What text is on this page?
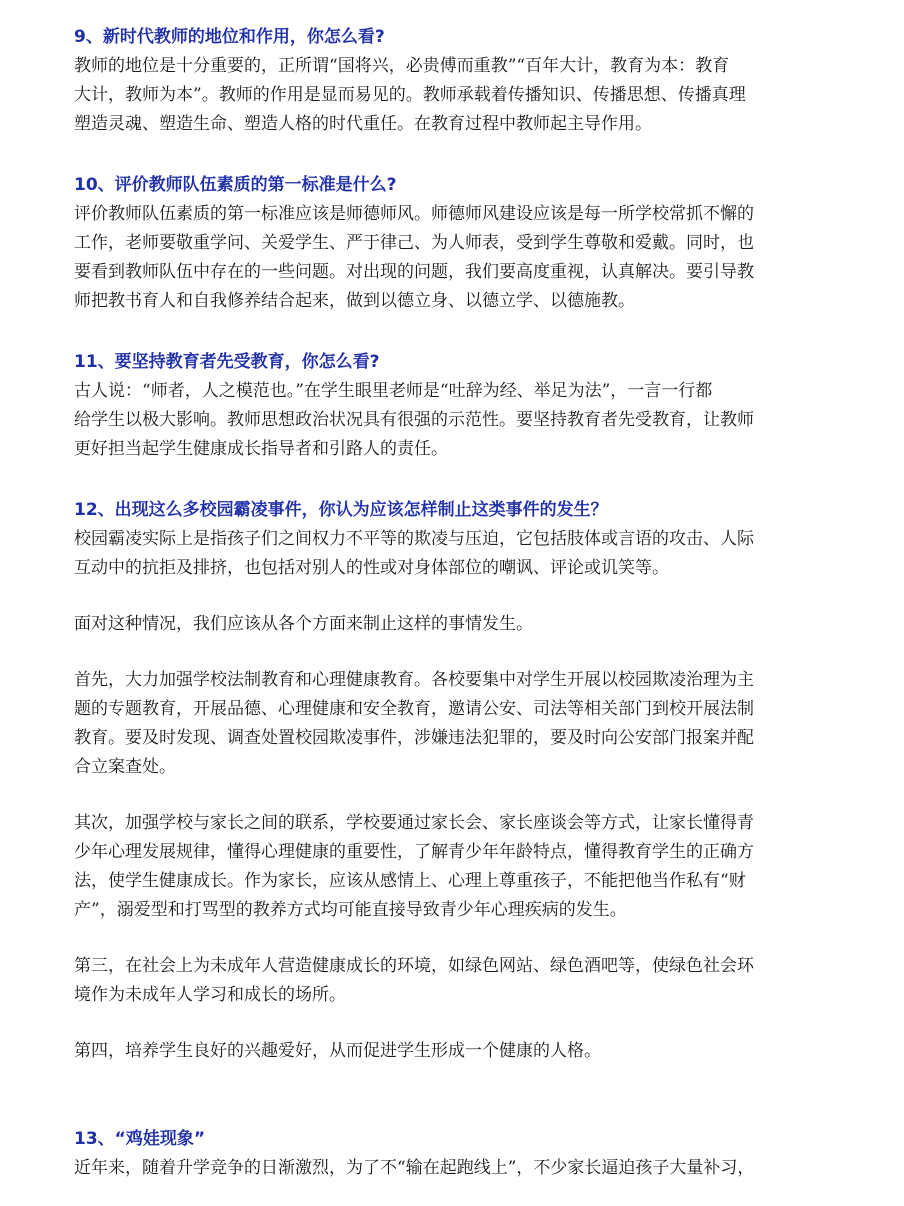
9、新时代教师的地位和作用，你怎么看?
教师的地位是十分重要的，正所谓“国将兴，必贵傅而重教”“百年大计，教育为本：教育
大计，教师为本”。教师的作用是显而易见的。教师承载着传播知识、传播思想、传播真理
塑造灵魂、塑造生命、塑造人格的时代重任。在教育过程中教师起主导作用。
10、评价教师队伍素质的第一标准是什么?
评价教师队伍素质的第一标准应该是师德师风。师德师风建设应该是每一所学校常抓不懈的
工作，老师要敬重学问、关爱学生、严于律己、为人师表，受到学生尊敬和爱戴。同时，也
要看到教师队伍中存在的一些问题。对出现的问题，我们要高度重视，认真解决。要引导教
师把教书育人和自我修养结合起来，做到以德立身、以德立学、以德施教。
11、要坚持教育者先受教育，你怎么看?
古人说：“师者，人之模范也。”在学生眼里老师是“吐辞为经、举足为法”，一言一行都
给学生以极大影响。教师思想政治状况具有很强的示范性。要坚持教育者先受教育，让教师
更好担当起学生健康成长指导者和引路人的责任。
12、出现这么多校园霸凌事件，你认为应该怎样制止这类事件的发生？
校园霸凌实际上是指孩子们之间权力不平等的欺凌与压迫，它包括肢体或言语的攻击、人际
互动中的抗拒及排挤，也包括对别人的性或对身体部位的嘲讽、评论或讥笑等。
面对这种情况，我们应该从各个方面来制止这样的事情发生。
首先，大力加强学校法制教育和心理健康教育。各校要集中对学生开展以校园欺凌治理为主
题的专题教育，开展品德、心理健康和安全教育，邀请公安、司法等相关部门到校开展法制
教育。要及时发现、调查处置校园欺凌事件，涉嫌违法犯罪的，要及时向公安部门报案并配
合立案查处。
其次，加强学校与家长之间的联系，学校要通过家长会、家长座谈会等方式，让家长懂得青
少年心理发展规律，懂得心理健康的重要性，了解青少年年龄特点，懂得教育学生的正确方
法，使学生健康成长。作为家长，应该从感情上、心理上尊重孩子，不能把他当作私有“财
产”，溺爱型和打骂型的教养方式均可能直接导致青少年心理疾病的发生。
第三，在社会上为未成年人营造健康成长的环境，如绿色网站、绿色酒吧等，使绿色社会环
境作为未成年人学习和成长的场所。
第四，培养学生良好的兴趣爱好，从而促进学生形成一个健康的人格。
13、“鸡娃现象”
近年来，随着升学竞争的日渐激烈，为了不“输在起跑线上”，不少家长逼迫孩子大量补习，
